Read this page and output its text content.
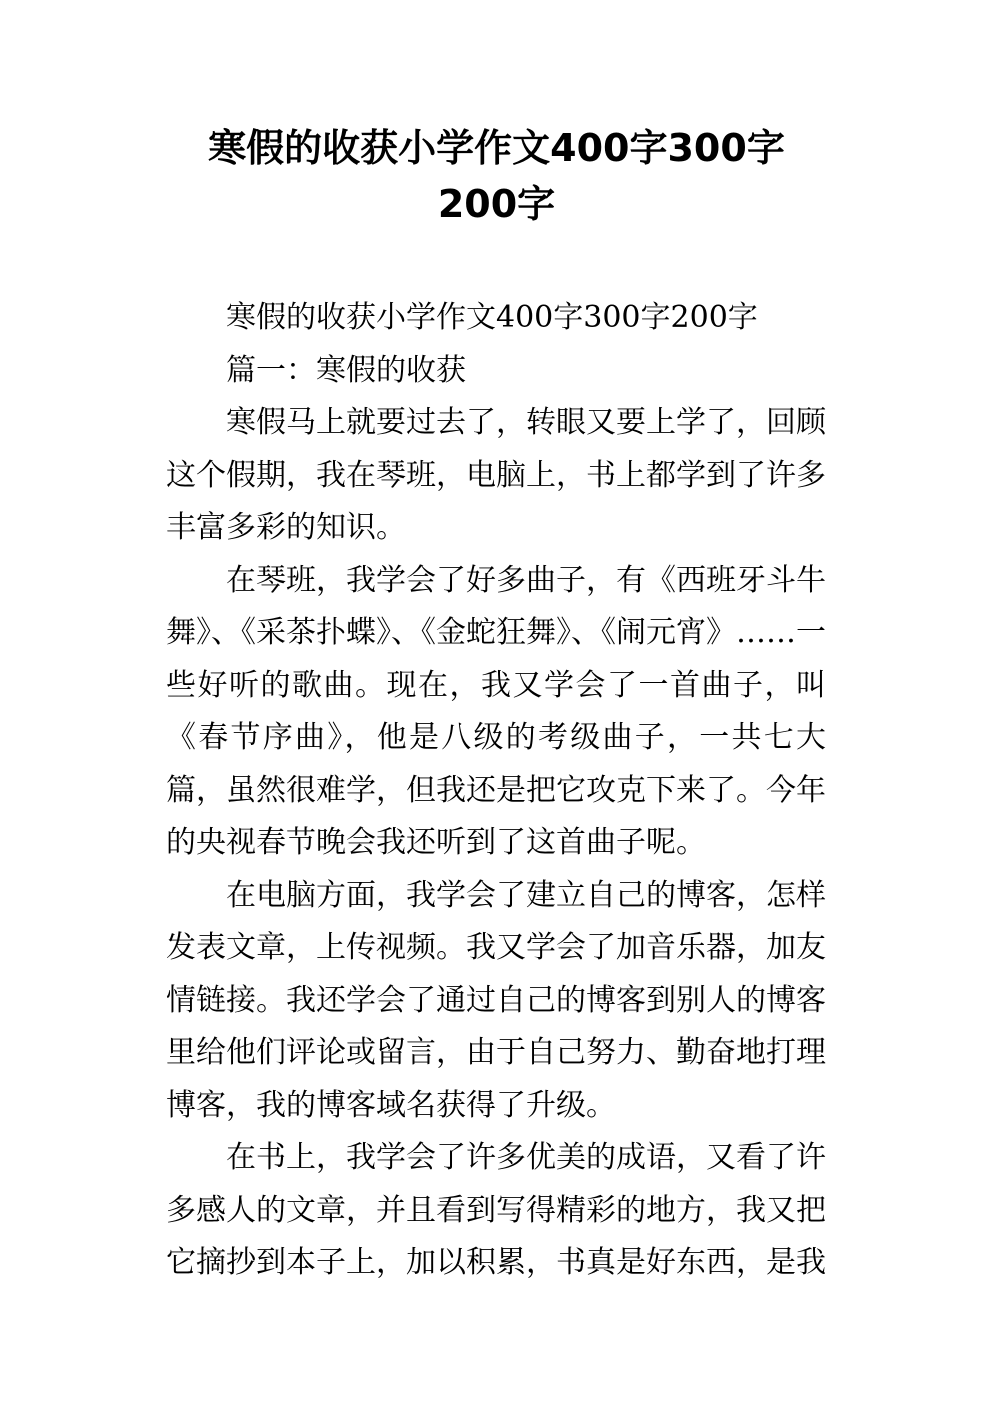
寒假的收获小学作文400字300字
200字

寒假的收获小学作文400字300字200字

篇一：寒假的收获

寒假马上就要过去了，转眼又要上学了，回顾这个假期，我在琴班，电脑上，书上都学到了许多丰富多彩的知识。

在琴班，我学会了好多曲子，有《西班牙斗牛舞》、《采茶扑蝶》、《金蛇狂舞》、《闹元宵》……一些好听的歌曲。现在，我又学会了一首曲子，叫《春节序曲》，他是八级的考级曲子，一共七大篇，虽然很难学，但我还是把它攻克下来了。今年的央视春节晚会我还听到了这首曲子呢。

在电脑方面，我学会了建立自己的博客，怎样发表文章，上传视频。我又学会了加音乐器，加友情链接。我还学会了通过自己的博客到别人的博客里给他们评论或留言，由于自己努力、勤奋地打理博客，我的博客域名获得了升级。

在书上，我学会了许多优美的成语，又看了许多感人的文章，并且看到写得精彩的地方，我又把它摘抄到本子上，加以积累，书真是好东西，是我
